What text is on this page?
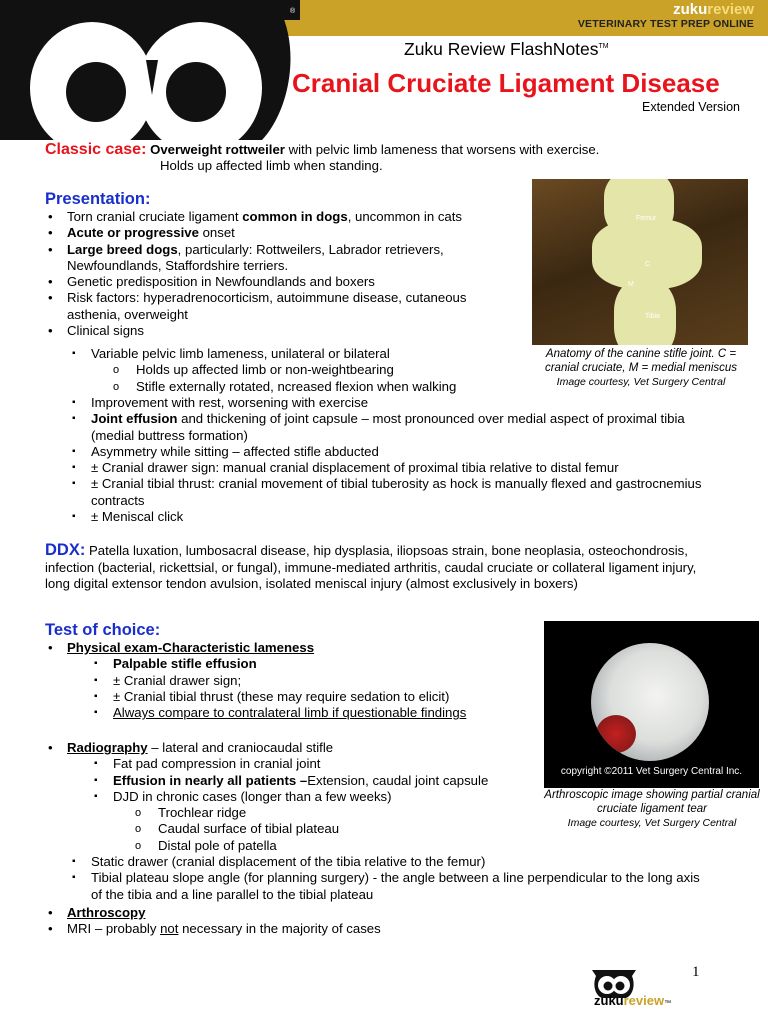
zukureview
VETERINARY TEST PREP ONLINE
®
Zuku Review FlashNotes™
Cranial Cruciate Ligament Disease
Extended Version
Classic case: Overweight rottweiler with pelvic limb lameness that worsens with exercise.
Holds up affected limb when standing.
Presentation:
• Torn cranial cruciate ligament common in dogs, uncommon in cats
• Acute or progressive onset
• Large breed dogs, particularly: Rottweilers, Labrador retrievers, Newfoundlands, Staffordshire terriers.
• Genetic predisposition in Newfoundlands and boxers
• Risk factors: hyperadrenocorticism, autoimmune disease, cutaneous asthenia, overweight
• Clinical signs
▪ Variable pelvic limb lameness, unilateral or bilateral
o Holds up affected limb or non-weightbearing
o Stifle externally rotated, ncreased flexion when walking
▪ Improvement with rest, worsening with exercise
▪ Joint effusion and thickening of joint capsule – most pronounced over medial aspect of proximal tibia (medial buttress formation)
▪ Asymmetry while sitting – affected stifle abducted
▪ ± Cranial drawer sign: manual cranial displacement of proximal tibia relative to distal femur
▪ ± Cranial tibial thrust: cranial movement of tibial tuberosity as hock is manually flexed and gastrocnemius contracts
▪ ± Meniscal click
Femur
C
M
Tibia
Anatomy of the canine stifle joint. C = cranial cruciate, M = medial meniscus
Image courtesy, Vet Surgery Central
DDX: Patella luxation, lumbosacral disease, hip dysplasia, iliopsoas strain, bone neoplasia, osteochondrosis, infection (bacterial, rickettsial, or fungal), immune-mediated arthritis, caudal cruciate or collateral ligament injury, long digital extensor tendon avulsion, isolated meniscal injury (almost exclusively in boxers)
Test of choice:
• Physical exam-Characteristic lameness
▪ Palpable stifle effusion
▪ ± Cranial drawer sign;
▪ ± Cranial tibial thrust (these may require sedation to elicit)
▪ Always compare to contralateral limb if questionable findings
• Radiography – lateral and craniocaudal stifle
▪ Fat pad compression in cranial joint
▪ Effusion in nearly all patients –Extension, caudal joint capsule
▪ DJD in chronic cases (longer than a few weeks)
o Trochlear ridge
o Caudal surface of tibial plateau
o Distal pole of patella
▪ Static drawer (cranial displacement of the tibia relative to the femur)
▪ Tibial plateau slope angle (for planning surgery) - the angle between a line perpendicular to the long axis of the tibia and a line parallel to the tibial plateau
• Arthroscopy
• MRI – probably not necessary in the majority of cases
copyright ©2011 Vet Surgery Central Inc.
Arthroscopic image showing partial cranial cruciate ligament tear
Image courtesy, Vet Surgery Central
1
zukureview™
